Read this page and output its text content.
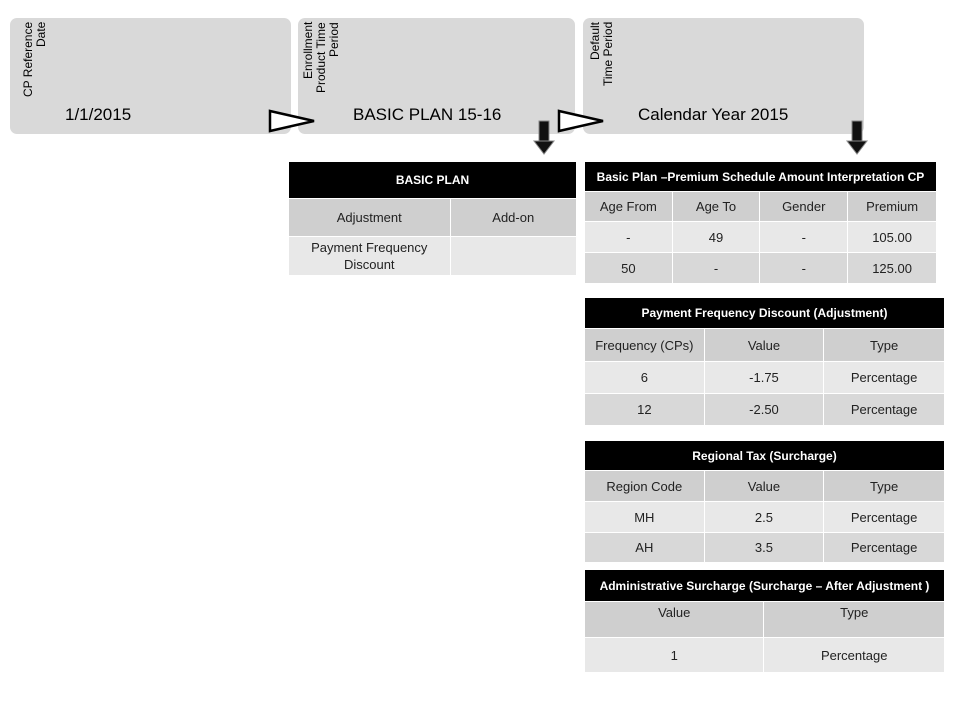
CP Reference
Date
1/1/2015
Enrollment
Product Time
Period
BASIC PLAN 15-16
Default
Time Period
Calendar Year 2015
BASIC PLAN	
Adjustment	Add-on
Payment Frequency Discount	
Basic Plan –Premium Schedule Amount Interpretation CP			
Age From	Age To	Gender	Premium
-	49	-	105.00
50	-	-	125.00
Payment Frequency Discount (Adjustment)		
Frequency (CPs)	Value	Type
6	-1.75	Percentage
12	-2.50	Percentage
Regional Tax (Surcharge)		
Region Code	Value	Type
MH	2.5	Percentage
AH	3.5	Percentage
Administrative Surcharge (Surcharge – After Adjustment )	
Value	Type
1	Percentage
